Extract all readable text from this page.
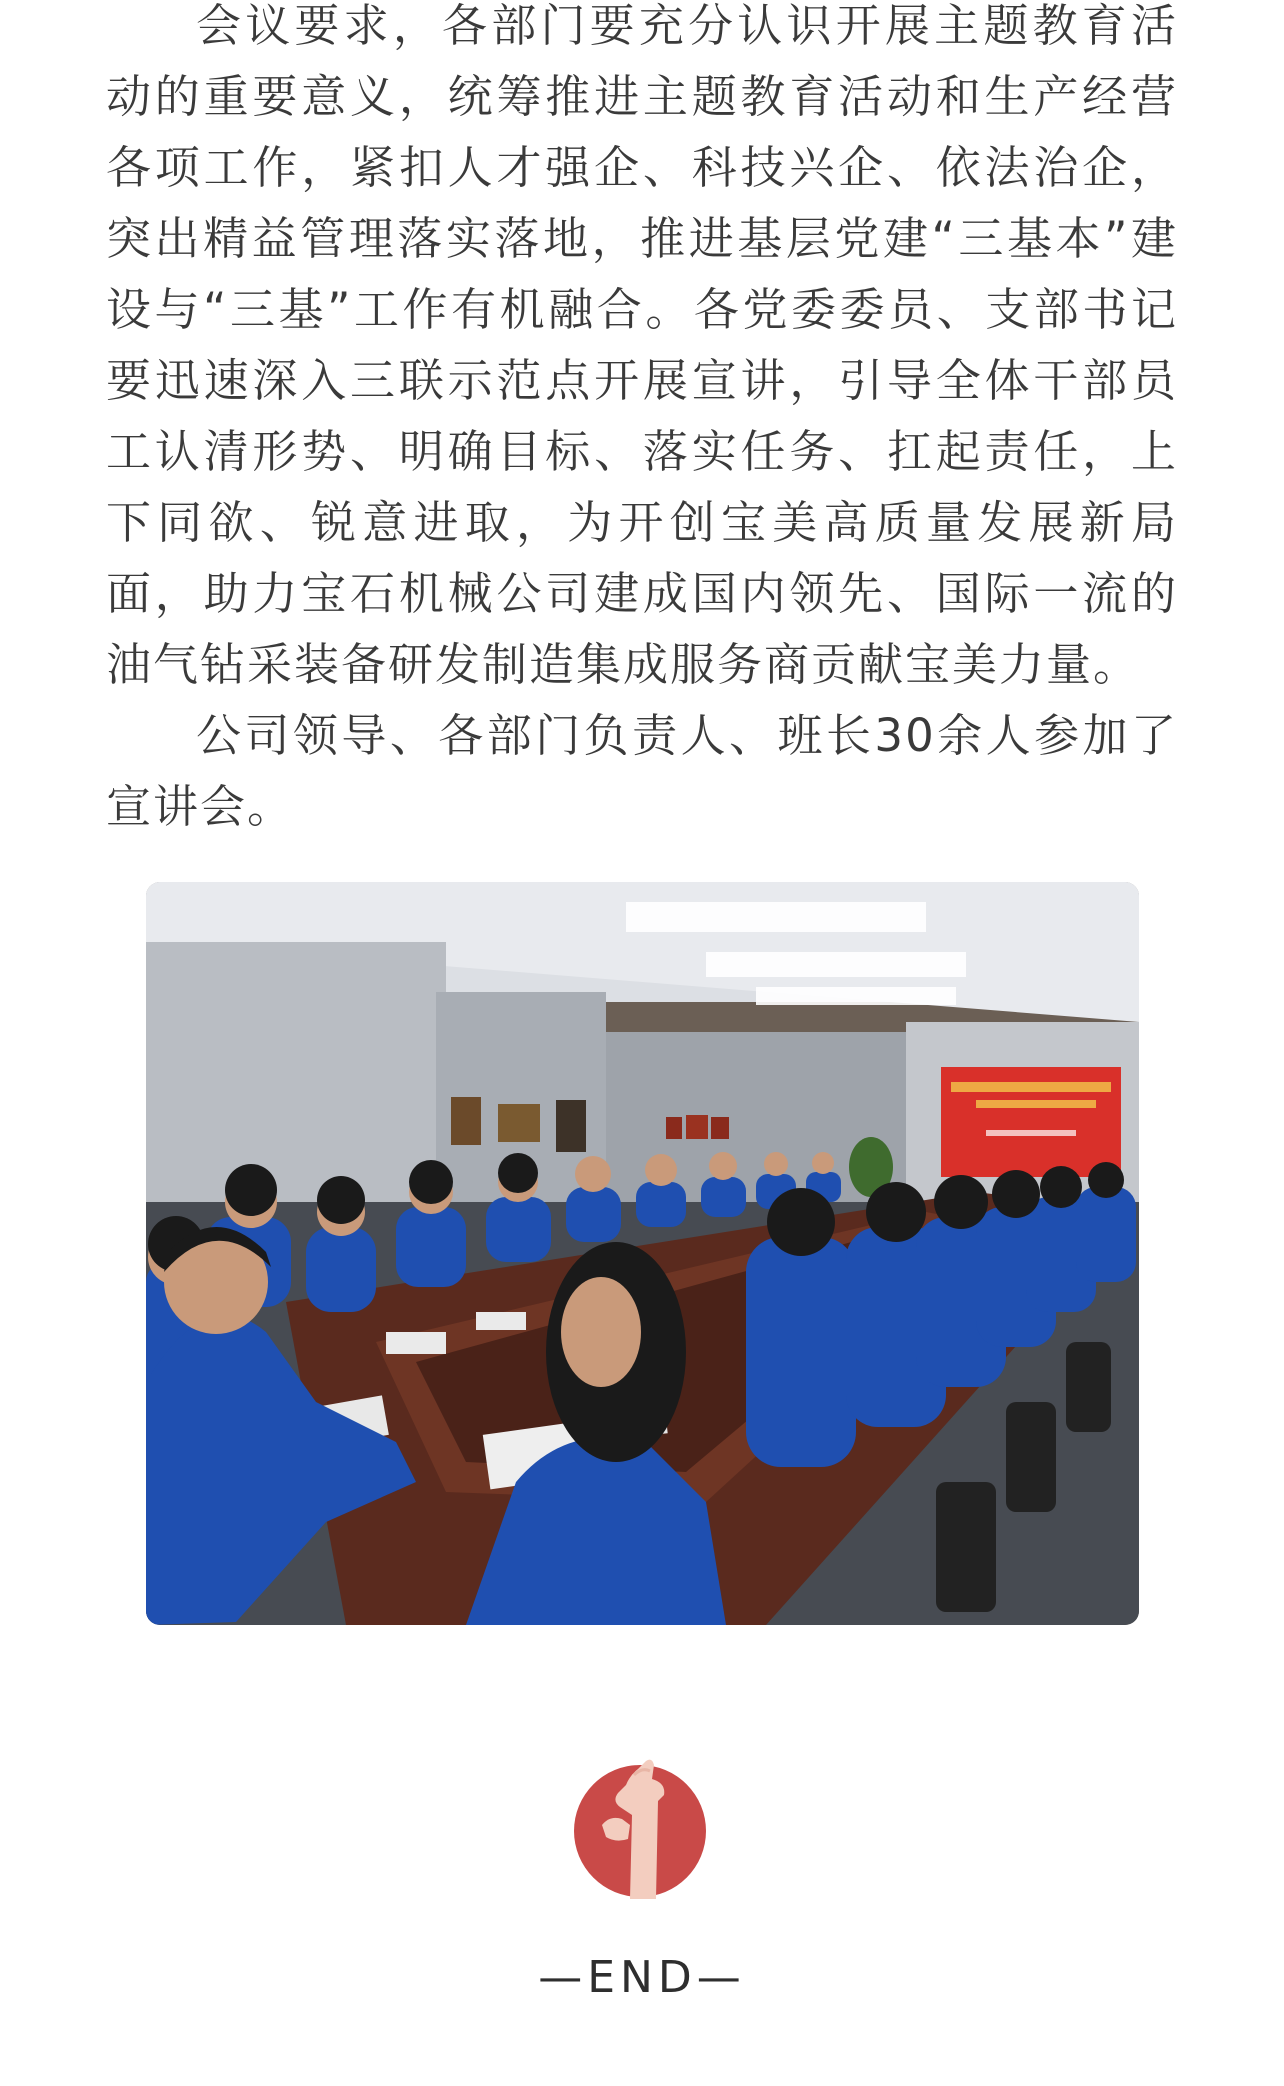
会议要求，各部门要充分认识开展主题教育活动的重要意义，统筹推进主题教育活动和生产经营各项工作，紧扣人才强企、科技兴企、依法治企，突出精益管理落实落地，推进基层党建“三基本”建设与“三基”工作有机融合。各党委委员、支部书记要迅速深入三联示范点开展宣讲，引导全体干部员工认清形势、明确目标、落实任务、扛起责任，上下同欲、锐意进取，为开创宝美高质量发展新局面，助力宝石机械公司建成国内领先、国际一流的油气钻采装备研发制造集成服务商贡献宝美力量。

公司领导、各部门负责人、班长30余人参加了宣讲会。

—END—
